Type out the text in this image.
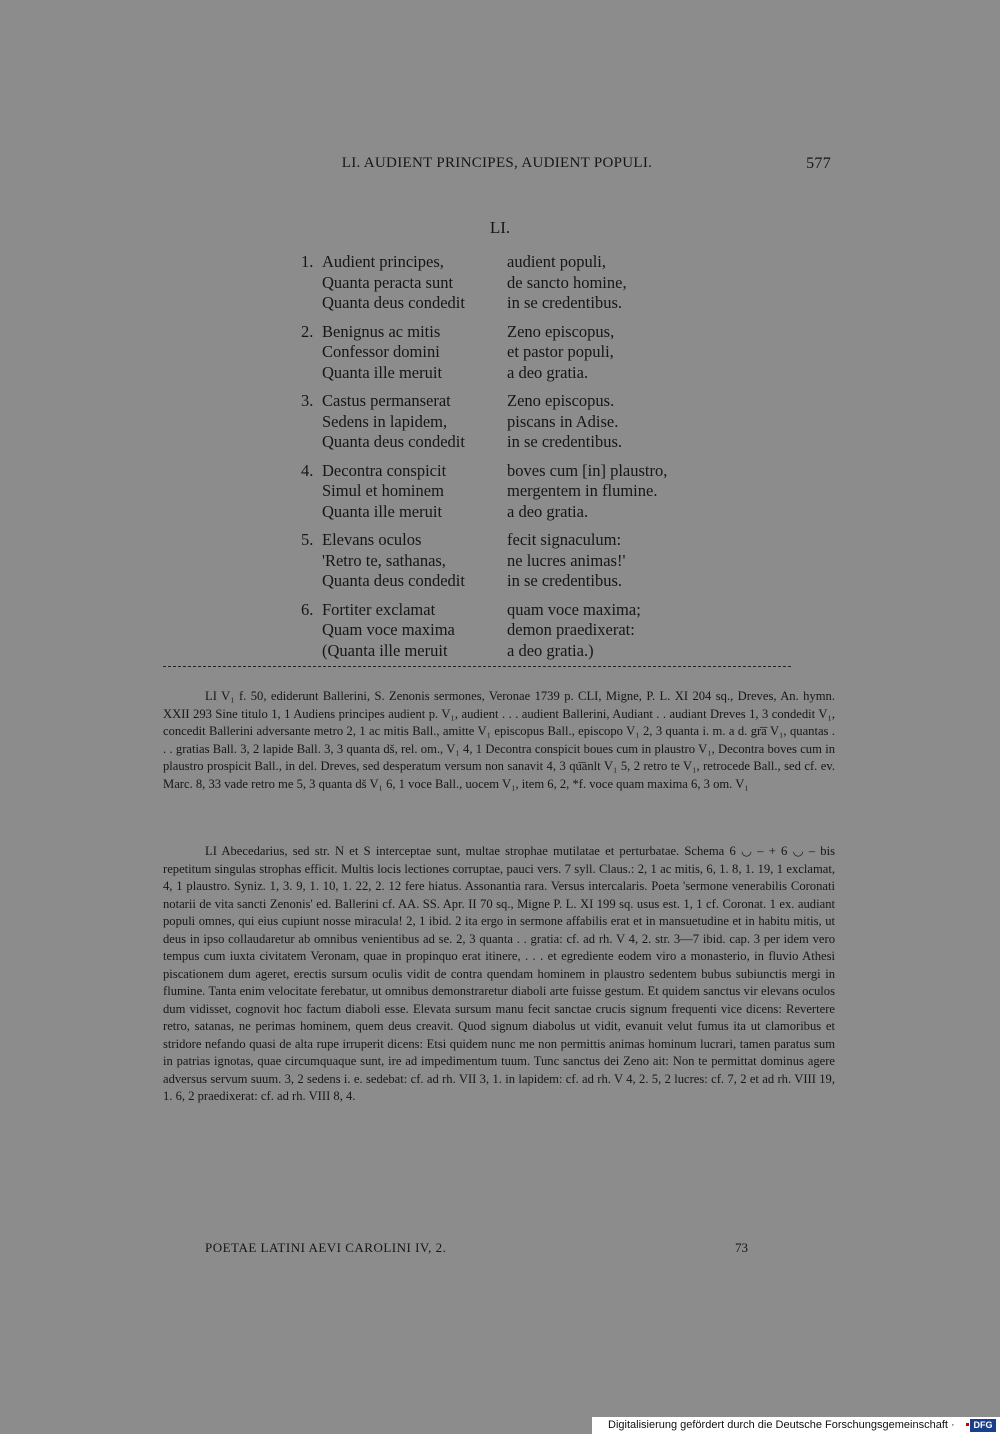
LI. AUDIENT PRINCIPES, AUDIENT POPULI.	577
LI.
1. Audient principes,	audient populi,
Quanta peracta sunt	de sancto homine,
Quanta deus condedit	in se credentibus.
2. Benignus ac mitis	Zeno episcopus,
Confessor domini	et pastor populi,
Quanta ille meruit	a deo gratia.
3. Castus permanserat	Zeno episcopus.
Sedens in lapidem,	piscans in Adise.
Quanta deus condedit	in se credentibus.
4. Decontra conspicit	boves cum [in] plaustro,
Simul et hominem	mergentem in flumine.
Quanta ille meruit	a deo gratia.
5. Elevans oculos	fecit signaculum:
'Retro te, sathanas,	ne lucres animas!'
Quanta deus condedit	in se credentibus.
6. Fortiter exclamat	quam voce maxima;
Quam voce maxima	demon praedixerat:
(Quanta ille meruit	a deo gratia.)

LI V₁ f. 50, ediderunt Ballerini, S. Zenonis sermones, Veronae 1739 p. CLI, Migne, P. L. XI 204 sq., Dreves, An. hymn. XXII 293 Sine titulo 1, 1 Audiens principes audient p. V₁, audient . . . audient Ballerini, Audiant . . audiant Dreves 1, 3 condedit V₁, concedit Ballerini adversante metro 2, 1 ac mitis Ball., amitte V₁ episcopus Ball., episcopo V₁ 2, 3 quanta i. m. a d. gr͞a V₁, quantas . . . gratias Ball. 3, 2 lapide Ball. 3, 3 quanta dš, rel. om., V₁ 4, 1 Decontra conspicit boues cum in plaustro V₁, Decontra boves cum in plaustro prospicit Ball., in del. Dreves, sed desperatum versum non sanavit 4, 3 qu͞anlt V₁ 5, 2 retro te V₁, retrocede Ball., sed cf. ev. Marc. 8, 33 vade retro me 5, 3 quanta dš V₁ 6, 1 voce Ball., uocem V₁, item 6, 2, *f. voce quam maxima 6, 3 om. V₁

LI Abecedarius, sed str. N et S interceptae sunt, multae strophae mutilatae et perturbatae. Schema 6 ◡ – + 6 ◡ – bis repetitum singulas strophas efficit. Multis locis lectiones corruptae, pauci vers. 7 syll. Claus.: 2, 1 ac mitis, 6, 1. 8, 1. 19, 1 exclamat, 4, 1 plaustro. Syniz. 1, 3. 9, 1. 10, 1. 22, 2. 12 fere hiatus. Assonantia rara. Versus intercalaris. Poeta 'sermone venerabilis Coronati notarii de vita sancti Zenonis' ed. Ballerini cf. AA. SS. Apr. II 70 sq., Migne P. L. XI 199 sq. usus est. 1, 1 cf. Coronat. 1 ex. audiant populi omnes, qui eius cupiunt nosse miracula! 2, 1 ibid. 2 ita ergo in sermone affabilis erat et in mansuetudine et in habitu mitis, ut deus in ipso collaudaretur ab omnibus venientibus ad se. 2, 3 quanta . . gratia: cf. ad rh. V 4, 2. str. 3—7 ibid. cap. 3 per idem vero tempus cum iuxta civitatem Veronam, quae in propinquo erat itinere, . . . et egrediente eodem viro a monasterio, in fluvio Athesi piscationem dum ageret, erectis sursum oculis vidit de contra quendam hominem in plaustro sedentem bubus subiunctis mergi in flumine. Tanta enim velocitate ferebatur, ut omnibus demonstraretur diaboli arte fuisse gestum. Et quidem sanctus vir elevans oculos dum vidisset, cognovit hoc factum diaboli esse. Elevata sursum manu fecit sanctae crucis signum frequenti vice dicens: Revertere retro, satanas, ne perimas hominem, quem deus creavit. Quod signum diabolus ut vidit, evanuit velut fumus ita ut clamoribus et stridore nefando quasi de alta rupe irruperit dicens: Etsi quidem nunc me non permittis animas hominum lucrari, tamen paratus sum in patrias ignotas, quae circumquaque sunt, ire ad impedimentum tuum. Tunc sanctus dei Zeno ait: Non te permittat dominus agere adversus servum suum. 3, 2 sedens i. e. sedebat: cf. ad rh. VII 3, 1. in lapidem: cf. ad rh. V 4, 2. 5, 2 lucres: cf. 7, 2 et ad rh. VIII 19, 1. 6, 2 praedixerat: cf. ad rh. VIII 8, 4.

POETAE LATINI AEVI CAROLINI IV, 2.	73
Digitalisierung gefördert durch die Deutsche Forschungsgemeinschaft ·	DFG
